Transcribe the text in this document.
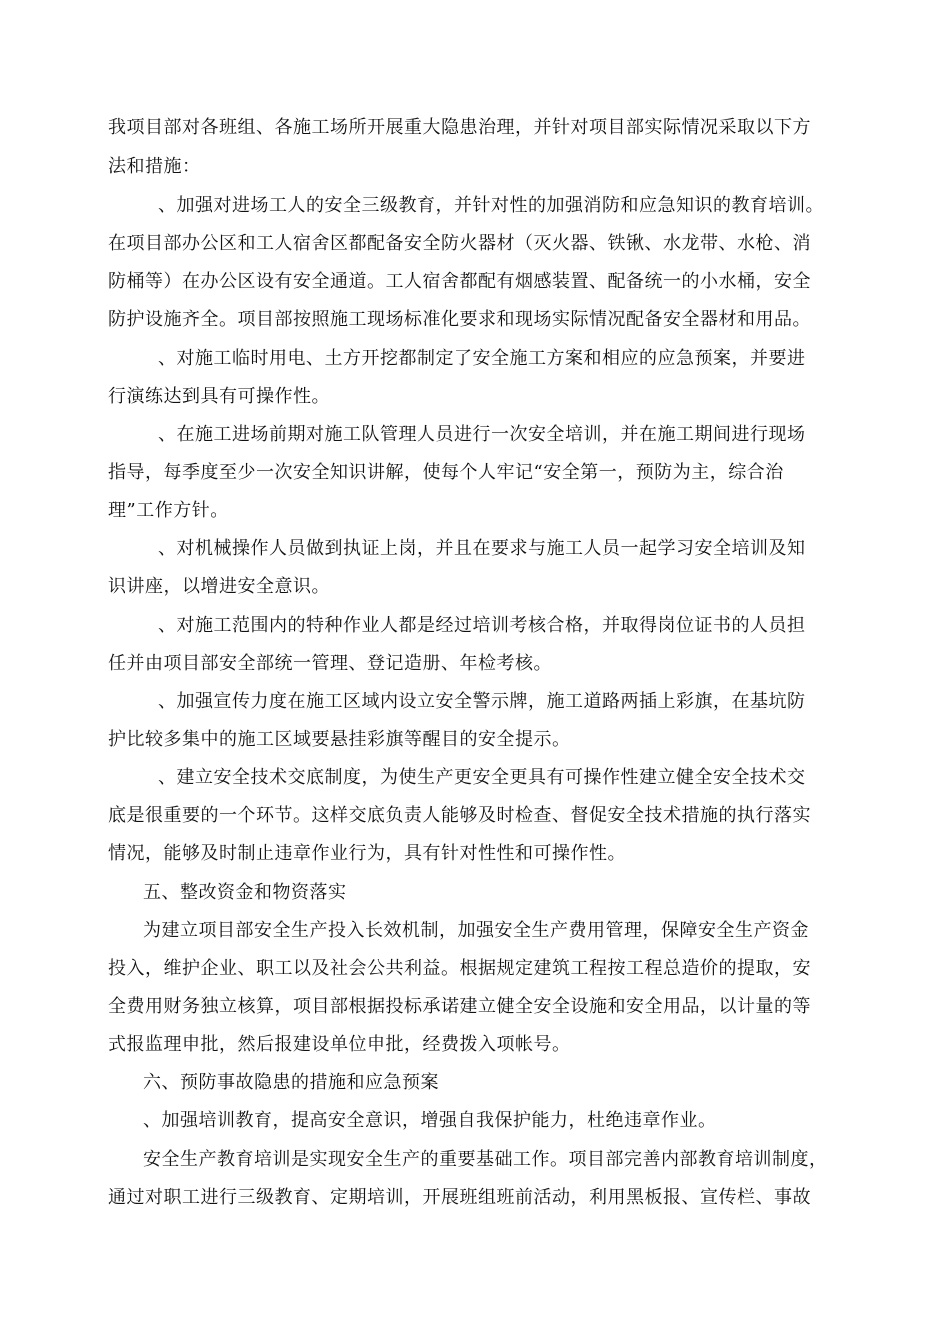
我项目部对各班组、各施工场所开展重大隐患治理，并针对项目部实际情况采取以下方
法和措施：
、加强对进场工人的安全三级教育，并针对性的加强消防和应急知识的教育培训。
在项目部办公区和工人宿舍区都配备安全防火器材（灭火器、铁锹、水龙带、水枪、消
防桶等）在办公区设有安全通道。工人宿舍都配有烟感装置、配备统一的小水桶，安全
防护设施齐全。项目部按照施工现场标准化要求和现场实际情况配备安全器材和用品。
、对施工临时用电、土方开挖都制定了安全施工方案和相应的应急预案，并要进
行演练达到具有可操作性。
、在施工进场前期对施工队管理人员进行一次安全培训，并在施工期间进行现场
指导，每季度至少一次安全知识讲解，使每个人牢记“安全第一，预防为主，综合治
理”工作方针。
、对机械操作人员做到执证上岗，并且在要求与施工人员一起学习安全培训及知
识讲座，以增进安全意识。
、对施工范围内的特种作业人都是经过培训考核合格，并取得岗位证书的人员担
任并由项目部安全部统一管理、登记造册、年检考核。
、加强宣传力度在施工区域内设立安全警示牌，施工道路两插上彩旗，在基坑防
护比较多集中的施工区域要悬挂彩旗等醒目的安全提示。
、建立安全技术交底制度，为使生产更安全更具有可操作性建立健全安全技术交
底是很重要的一个环节。这样交底负责人能够及时检查、督促安全技术措施的执行落实
情况，能够及时制止违章作业行为，具有针对性性和可操作性。
五、整改资金和物资落实
为建立项目部安全生产投入长效机制，加强安全生产费用管理，保障安全生产资金
投入，维护企业、职工以及社会公共利益。根据规定建筑工程按工程总造价的提取，安
全费用财务独立核算，项目部根据投标承诺建立健全安全设施和安全用品，以计量的等
式报监理申批，然后报建设单位申批，经费拨入项帐号。
六、预防事故隐患的措施和应急预案
、加强培训教育，提高安全意识，增强自我保护能力，杜绝违章作业。
安全生产教育培训是实现安全生产的重要基础工作。项目部完善内部教育培训制度，
通过对职工进行三级教育、定期培训，开展班组班前活动，利用黑板报、宣传栏、事故
